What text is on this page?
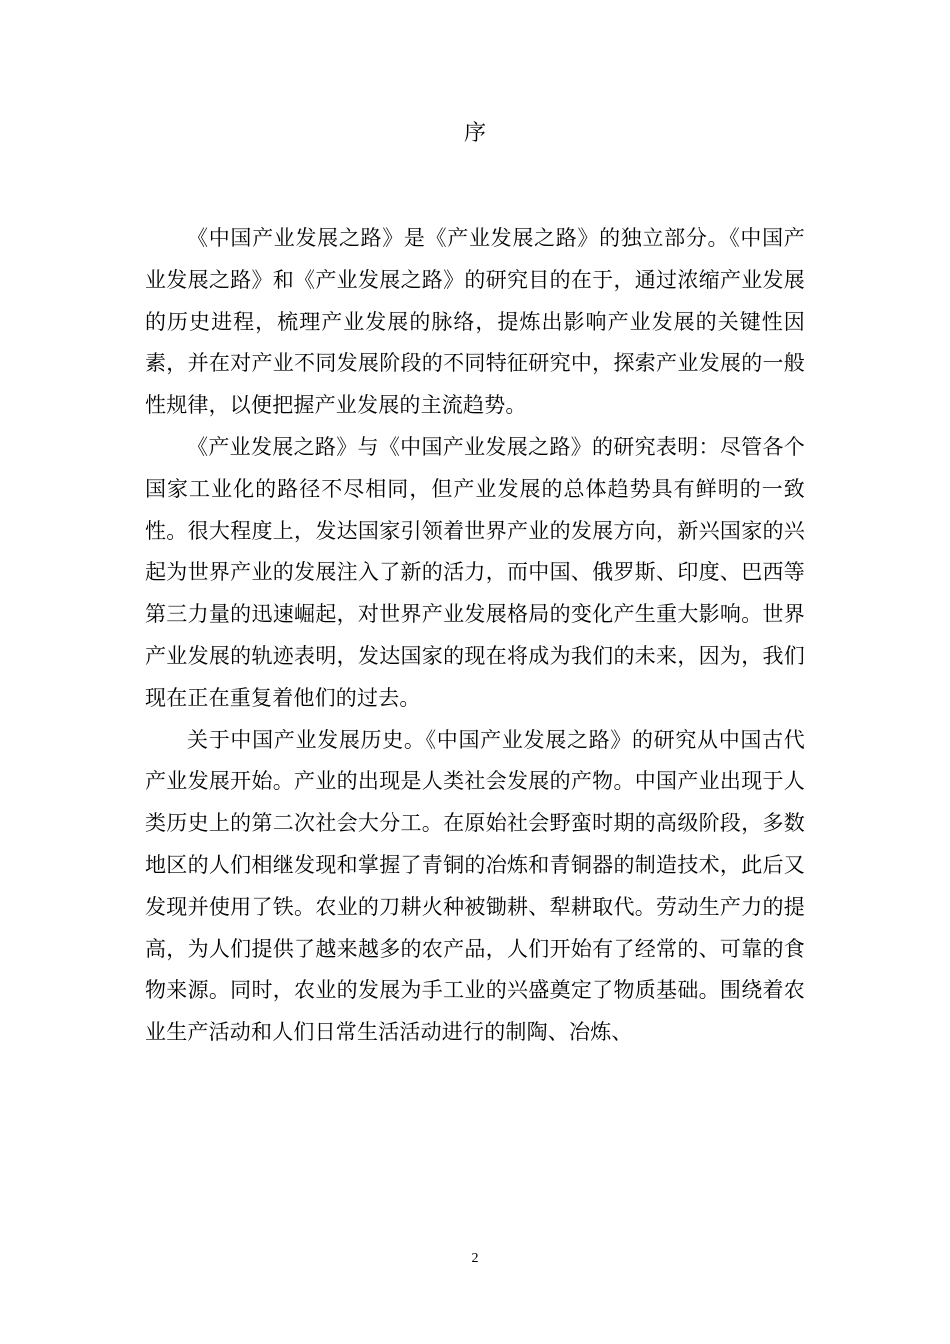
序

《中国产业发展之路》是《产业发展之路》的独立部分。《中国产业发展之路》和《产业发展之路》的研究目的在于，通过浓缩产业发展的历史进程，梳理产业发展的脉络，提炼出影响产业发展的关键性因素，并在对产业不同发展阶段的不同特征研究中，探索产业发展的一般性规律，以便把握产业发展的主流趋势。

《产业发展之路》与《中国产业发展之路》的研究表明：尽管各个国家工业化的路径不尽相同，但产业发展的总体趋势具有鲜明的一致性。很大程度上，发达国家引领着世界产业的发展方向，新兴国家的兴起为世界产业的发展注入了新的活力，而中国、俄罗斯、印度、巴西等第三力量的迅速崛起，对世界产业发展格局的变化产生重大影响。世界产业发展的轨迹表明，发达国家的现在将成为我们的未来，因为，我们现在正在重复着他们的过去。

关于中国产业发展历史。《中国产业发展之路》的研究从中国古代产业发展开始。产业的出现是人类社会发展的产物。中国产业出现于人类历史上的第二次社会大分工。在原始社会野蛮时期的高级阶段，多数地区的人们相继发现和掌握了青铜的冶炼和青铜器的制造技术，此后又发现并使用了铁。农业的刀耕火种被锄耕、犁耕取代。劳动生产力的提高，为人们提供了越来越多的农产品，人们开始有了经常的、可靠的食物来源。同时，农业的发展为手工业的兴盛奠定了物质基础。围绕着农业生产活动和人们日常生活活动进行的制陶、冶炼、

2
